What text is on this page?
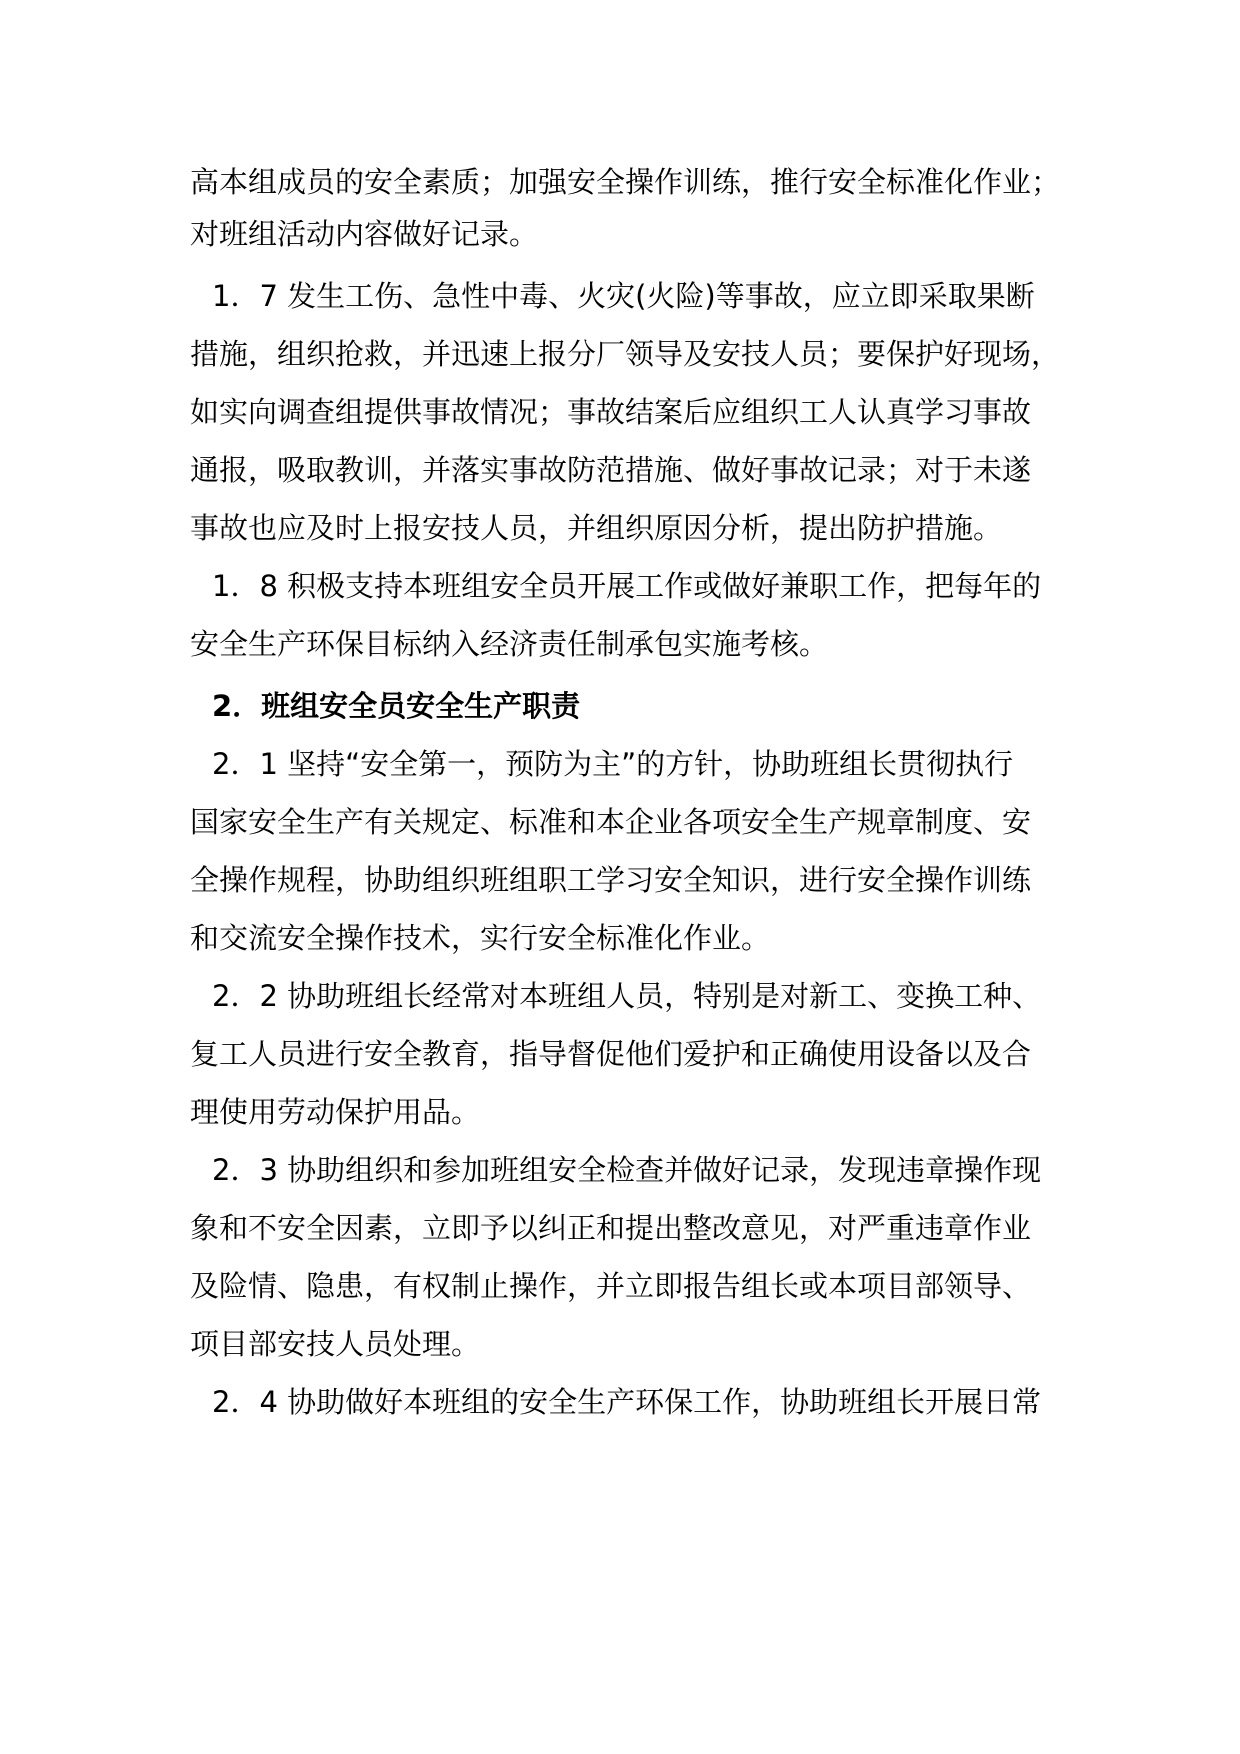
高本组成员的安全素质；加强安全操作训练，推行安全标准化作业；
对班组活动内容做好记录。
1．7 发生工伤、急性中毒、火灾(火险)等事故，应立即采取果断
措施，组织抢救，并迅速上报分厂领导及安技人员；要保护好现场，
如实向调查组提供事故情况；事故结案后应组织工人认真学习事故
通报，吸取教训，并落实事故防范措施、做好事故记录；对于未遂
事故也应及时上报安技人员，并组织原因分析，提出防护措施。
1．8 积极支持本班组安全员开展工作或做好兼职工作，把每年的
安全生产环保目标纳入经济责任制承包实施考核。
2．班组安全员安全生产职责
2．1 坚持“安全第一，预防为主”的方针，协助班组长贯彻执行
国家安全生产有关规定、标准和本企业各项安全生产规章制度、安
全操作规程，协助组织班组职工学习安全知识，进行安全操作训练
和交流安全操作技术，实行安全标准化作业。
2．2 协助班组长经常对本班组人员，特别是对新工、变换工种、
复工人员进行安全教育，指导督促他们爱护和正确使用设备以及合
理使用劳动保护用品。
2．3 协助组织和参加班组安全检查并做好记录，发现违章操作现
象和不安全因素，立即予以纠正和提出整改意见，对严重违章作业
及险情、隐患，有权制止操作，并立即报告组长或本项目部领导、
项目部安技人员处理。
2．4 协助做好本班组的安全生产环保工作，协助班组长开展日常
